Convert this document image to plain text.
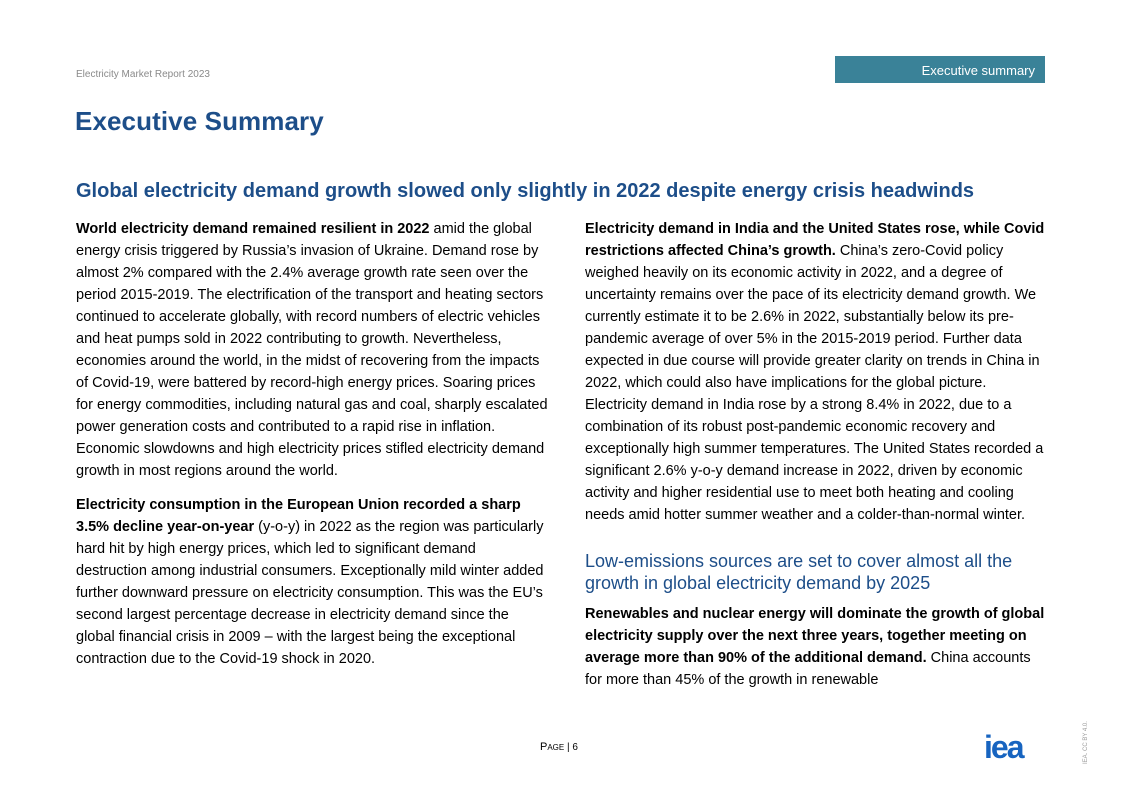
Electricity Market Report 2023	Executive summary
Executive Summary
Global electricity demand growth slowed only slightly in 2022 despite energy crisis headwinds

World electricity demand remained resilient in 2022 amid the global energy crisis triggered by Russia’s invasion of Ukraine. Demand rose by almost 2% compared with the 2.4% average growth rate seen over the period 2015-2019. The electrification of the transport and heating sectors continued to accelerate globally, with record numbers of electric vehicles and heat pumps sold in 2022 contributing to growth. Nevertheless, economies around the world, in the midst of recovering from the impacts of Covid-19, were battered by record-high energy prices. Soaring prices for energy commodities, including natural gas and coal, sharply escalated power generation costs and contributed to a rapid rise in inflation. Economic slowdowns and high electricity prices stifled electricity demand growth in most regions around the world.

Electricity consumption in the European Union recorded a sharp 3.5% decline year-on-year (y-o-y) in 2022 as the region was particularly hard hit by high energy prices, which led to significant demand destruction among industrial consumers. Exceptionally mild winter added further downward pressure on electricity consumption. This was the EU’s second largest percentage decrease in electricity demand since the global financial crisis in 2009 – with the largest being the exceptional contraction due to the Covid-19 shock in 2020.

Electricity demand in India and the United States rose, while Covid restrictions affected China’s growth. China’s zero-Covid policy weighed heavily on its economic activity in 2022, and a degree of uncertainty remains over the pace of its electricity demand growth. We currently estimate it to be 2.6% in 2022, substantially below its pre-pandemic average of over 5% in the 2015-2019 period. Further data expected in due course will provide greater clarity on trends in China in 2022, which could also have implications for the global picture. Electricity demand in India rose by a strong 8.4% in 2022, due to a combination of its robust post-pandemic economic recovery and exceptionally high summer temperatures. The United States recorded a significant 2.6% y-o-y demand increase in 2022, driven by economic activity and higher residential use to meet both heating and cooling needs amid hotter summer weather and a colder-than-normal winter.

Low-emissions sources are set to cover almost all the growth in global electricity demand by 2025

Renewables and nuclear energy will dominate the growth of global electricity supply over the next three years, together meeting on average more than 90% of the additional demand. China accounts for more than 45% of the growth in renewable

Page | 6	iea	IEA. CC BY 4.0.
